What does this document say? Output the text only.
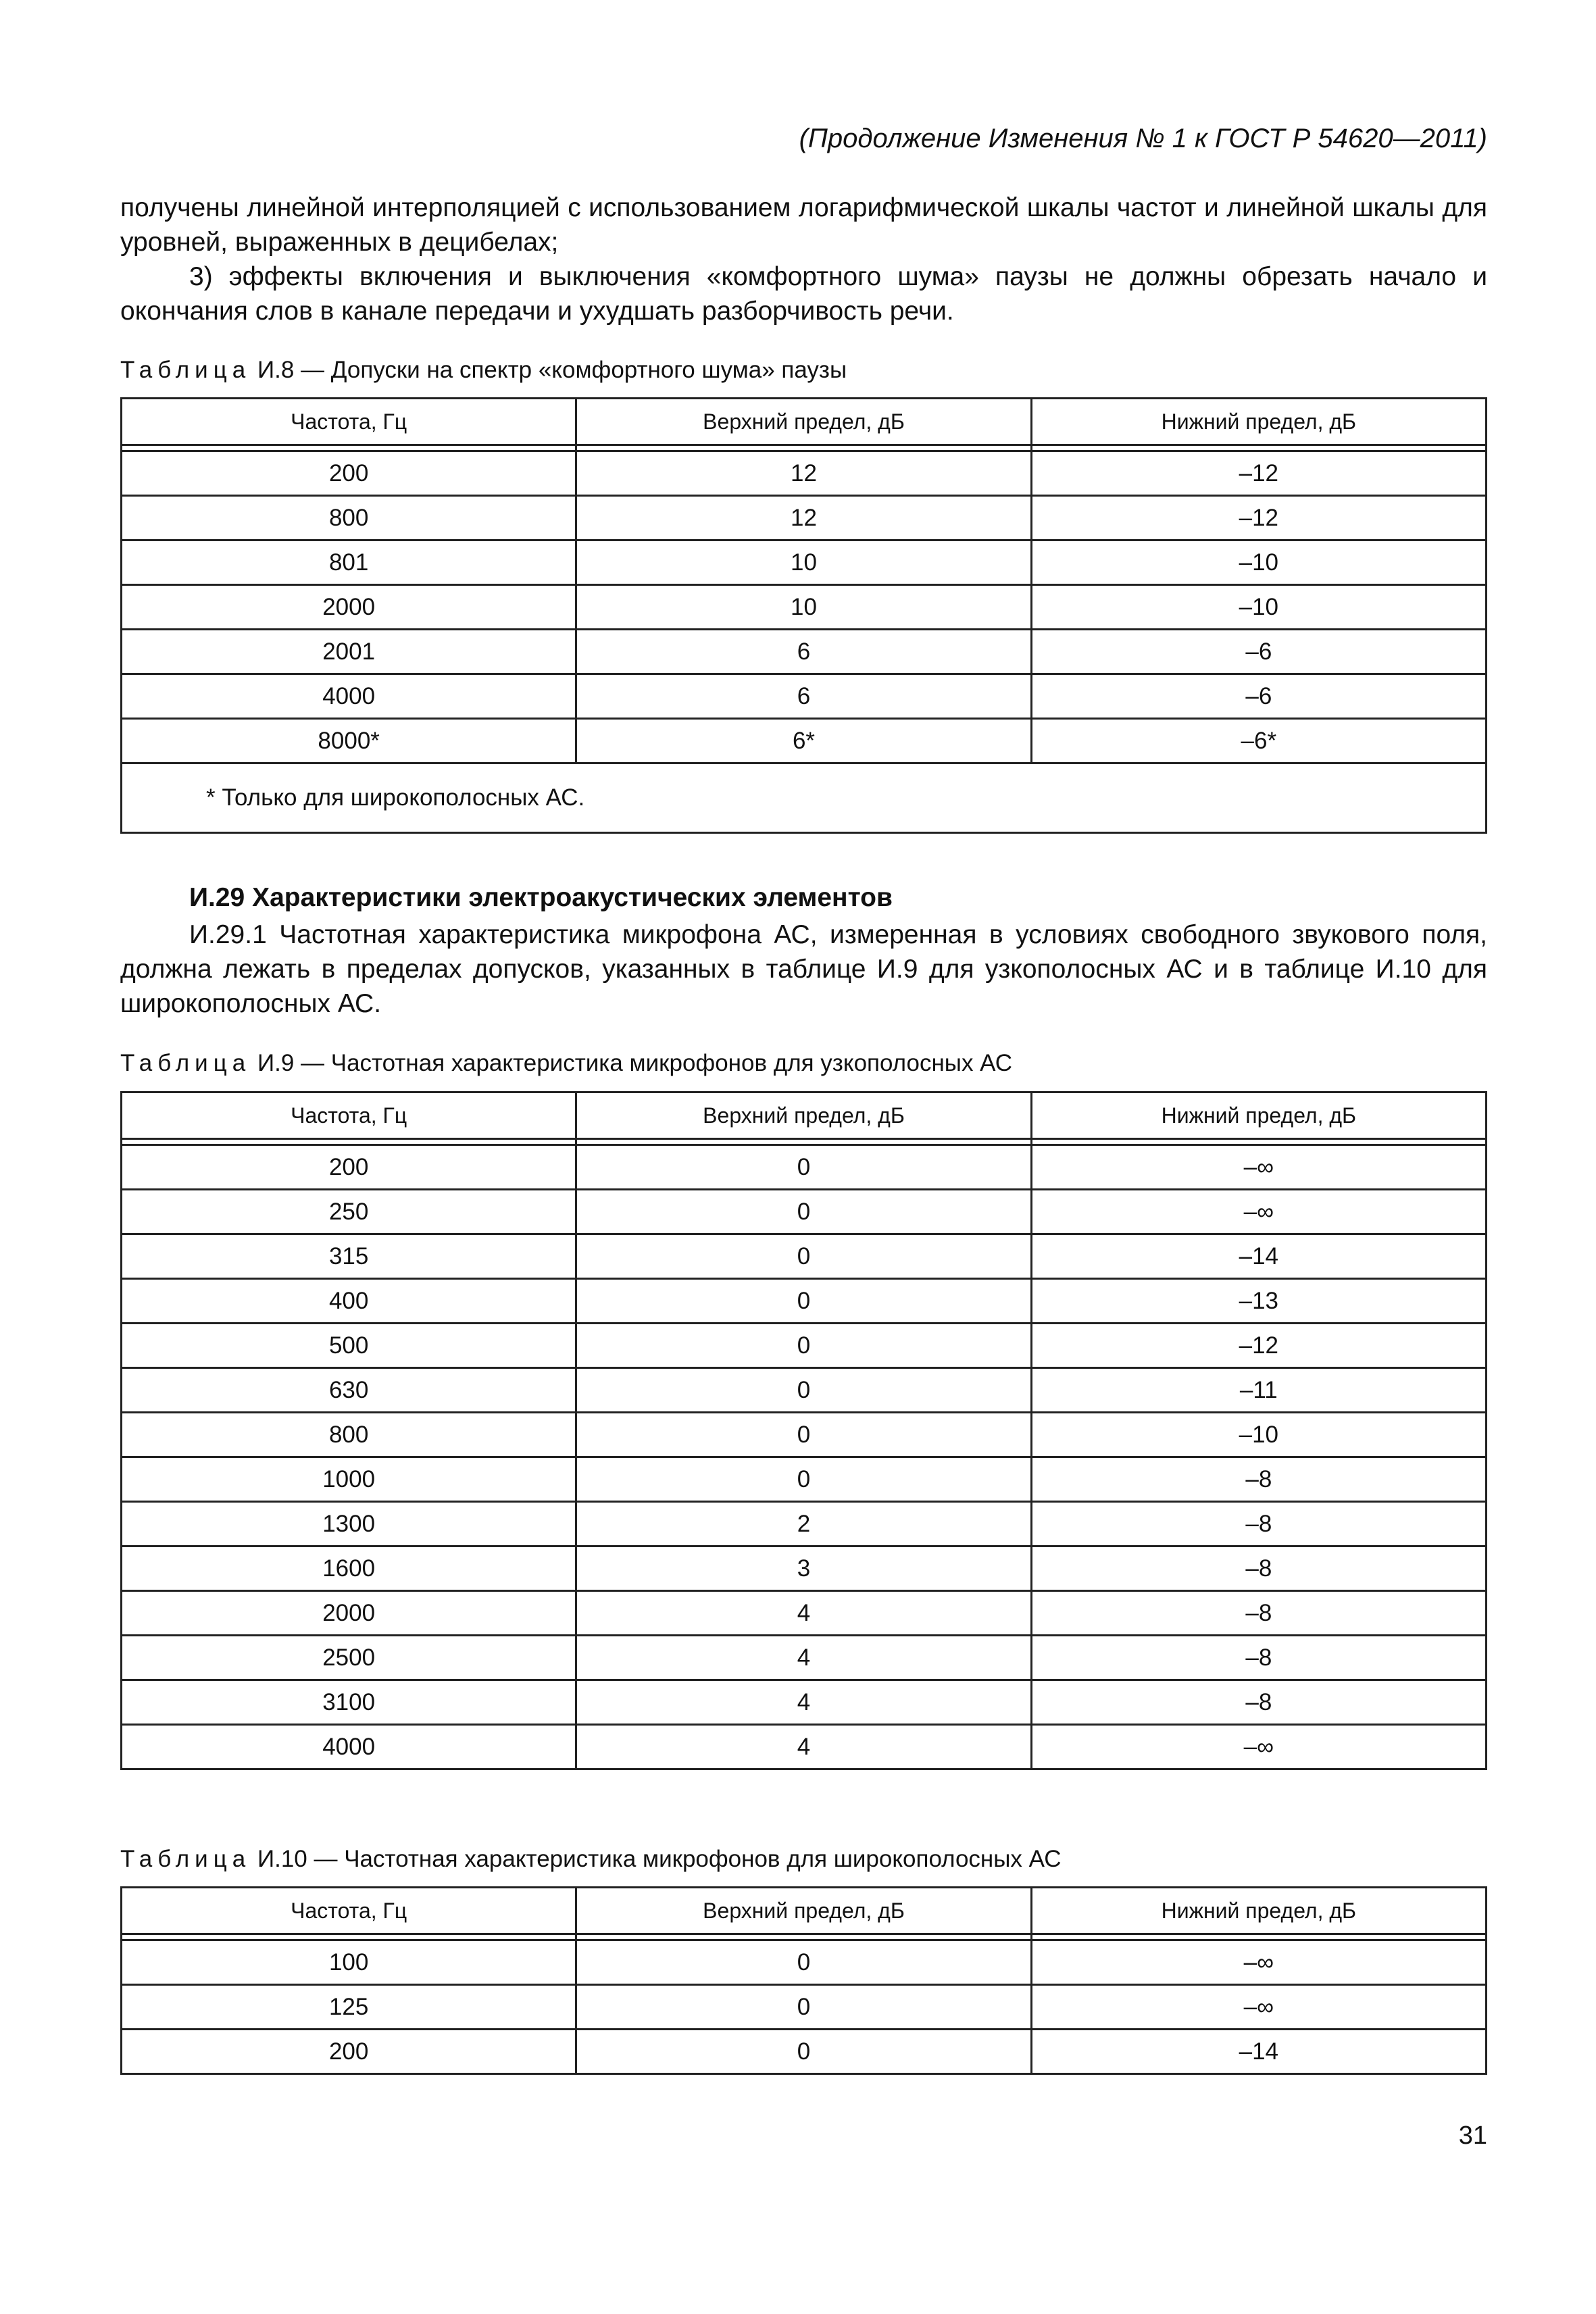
(Продолжение Изменения № 1 к ГОСТ Р 54620—2011)
получены линейной интерполяцией с использованием логарифмической шкалы частот и линейной шкалы для уровней, выраженных в децибелах;
3) эффекты включения и выключения «комфортного шума» паузы не должны обрезать начало и окончания слов в канале передачи и ухудшать разборчивость речи.
Таблица И.8 — Допуски на спектр «комфортного шума» паузы
Частота, Гц	Верхний предел, дБ	Нижний предел, дБ

200	12	–12
800	12	–12
801	10	–10
2000	10	–10
2001	6	–6
4000	6	–6
8000*	6*	–6*
* Только для широкополосных АС.		
И.29 Характеристики электроакустических элементов
И.29.1 Частотная характеристика микрофона АС, измеренная в условиях свободного звукового поля, должна лежать в пределах допусков, указанных в таблице И.9 для узкополосных АС и в таблице И.10 для широкополосных АС.
Таблица И.9 — Частотная характеристика микрофонов для узкополосных АС
Частота, Гц	Верхний предел, дБ	Нижний предел, дБ

200	0	–∞
250	0	–∞
315	0	–14
400	0	–13
500	0	–12
630	0	–11
800	0	–10
1000	0	–8
1300	2	–8
1600	3	–8
2000	4	–8
2500	4	–8
3100	4	–8
4000	4	–∞
Таблица И.10 — Частотная характеристика микрофонов для широкополосных АС
Частота, Гц	Верхний предел, дБ	Нижний предел, дБ

100	0	–∞
125	0	–∞
200	0	–14
31
